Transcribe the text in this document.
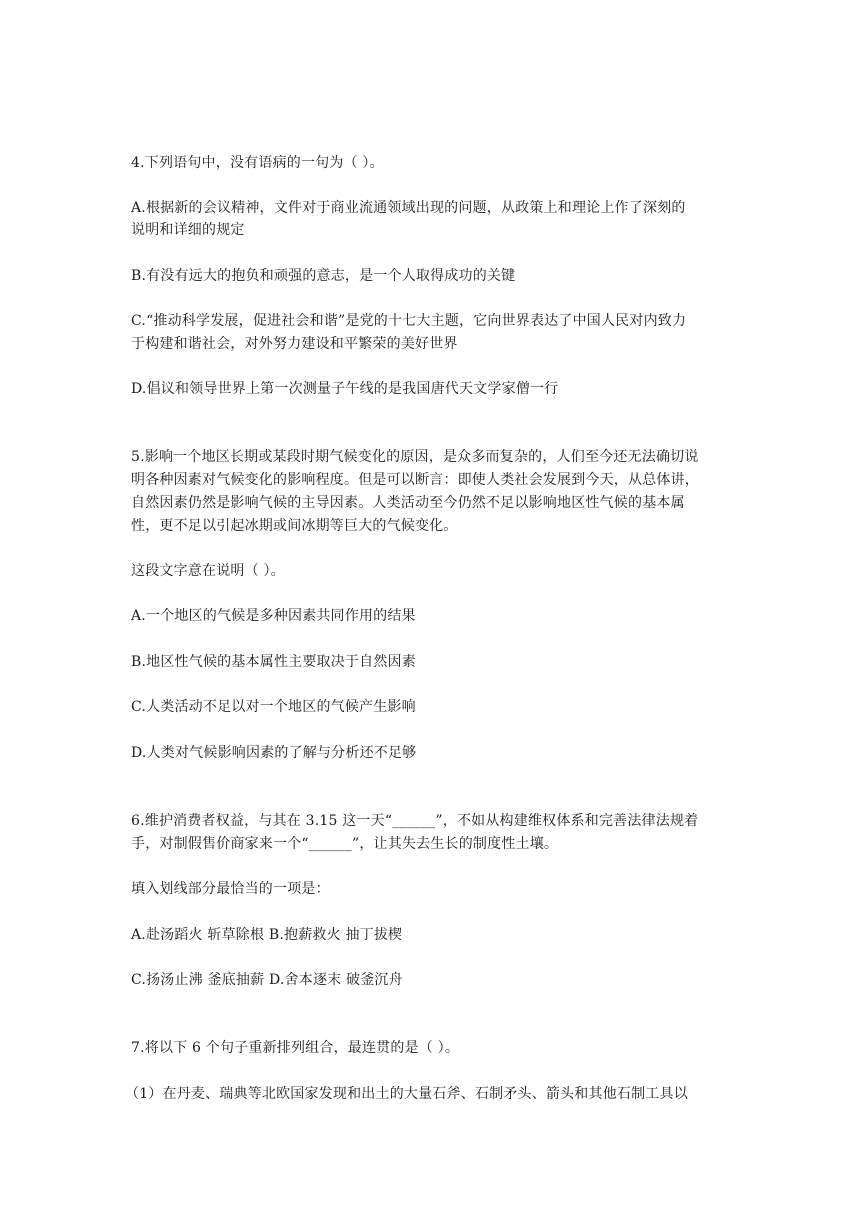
4.下列语句中，没有语病的一句为（ ）。
A.根据新的会议精神，文件对于商业流通领域出现的问题，从政策上和理论上作了深刻的
说明和详细的规定
B.有没有远大的抱负和顽强的意志，是一个人取得成功的关键
C.“推动科学发展，促进社会和谐”是党的十七大主题，它向世界表达了中国人民对内致力
于构建和谐社会，对外努力建设和平繁荣的美好世界
D.倡议和领导世界上第一次测量子午线的是我国唐代天文学家僧一行
5.影响一个地区长期或某段时期气候变化的原因，是众多而复杂的，人们至今还无法确切说
明各种因素对气候变化的影响程度。但是可以断言：即使人类社会发展到今天，从总体讲，
自然因素仍然是影响气候的主导因素。人类活动至今仍然不足以影响地区性气候的基本属
性，更不足以引起冰期或间冰期等巨大的气候变化。
这段文字意在说明（ ）。
A.一个地区的气候是多种因素共同作用的结果
B.地区性气候的基本属性主要取决于自然因素
C.人类活动不足以对一个地区的气候产生影响
D.人类对气候影响因素的了解与分析还不足够
6.维护消费者权益，与其在 3.15 这一天“______”，不如从构建维权体系和完善法律法规着
手，对制假售价商家来一个“______”，让其失去生长的制度性土壤。
填入划线部分最恰当的一项是：
A.赴汤蹈火 斩草除根 B.抱薪救火 抽丁拔楔
C.扬汤止沸 釜底抽薪 D.舍本逐末 破釜沉舟
7.将以下 6 个句子重新排列组合，最连贯的是（ ）。
（1）在丹麦、瑞典等北欧国家发现和出土的大量石斧、石制矛头、箭头和其他石制工具以
